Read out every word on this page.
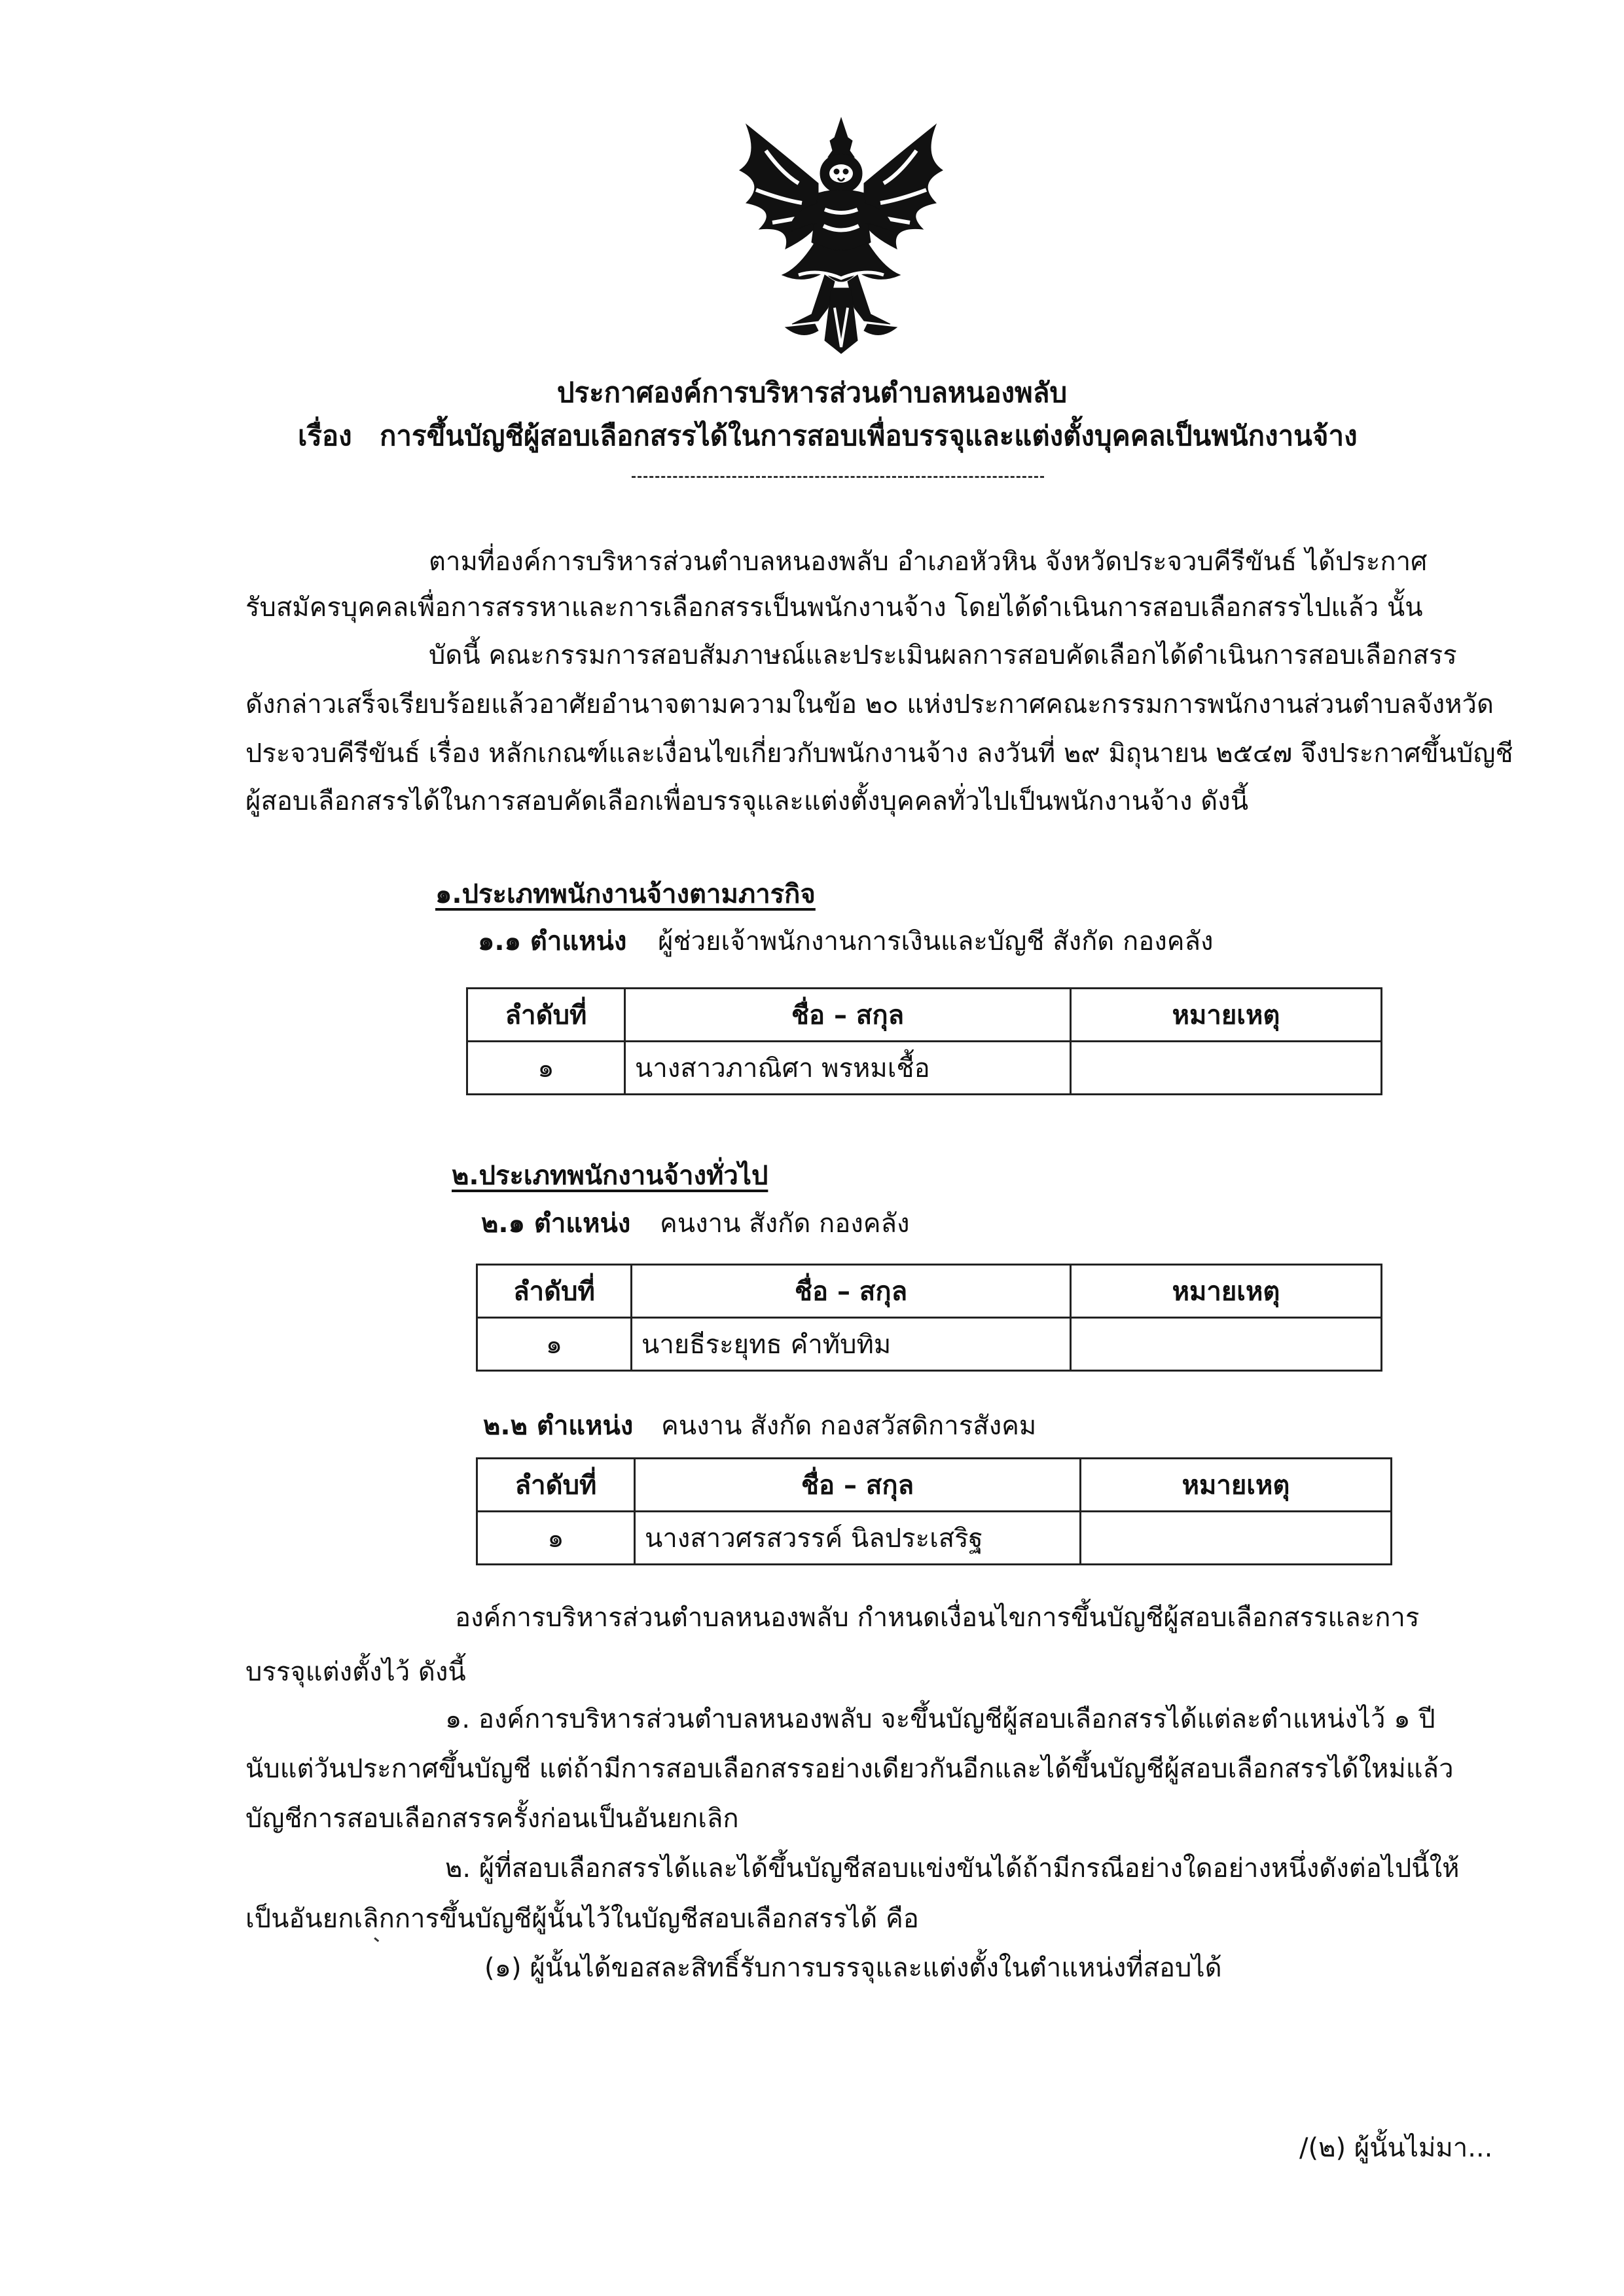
ประกาศองค์การบริหารส่วนตำบลหนองพลับ
เรื่อง การขึ้นบัญชีผู้สอบเลือกสรรได้ในการสอบเพื่อบรรจุและแต่งตั้งบุคคลเป็นพนักงานจ้าง
ตามที่องค์การบริหารส่วนตำบลหนองพลับ อำเภอหัวหิน จังหวัดประจวบคีรีขันธ์ ได้ประกาศ
รับสมัครบุคคลเพื่อการสรรหาและการเลือกสรรเป็นพนักงานจ้าง โดยได้ดำเนินการสอบเลือกสรรไปแล้ว นั้น
บัดนี้ คณะกรรมการสอบสัมภาษณ์และประเมินผลการสอบคัดเลือกได้ดำเนินการสอบเลือกสรร
ดังกล่าวเสร็จเรียบร้อยแล้วอาศัยอำนาจตามความในข้อ ๒๐ แห่งประกาศคณะกรรมการพนักงานส่วนตำบลจังหวัด
ประจวบคีรีขันธ์ เรื่อง หลักเกณฑ์และเงื่อนไขเกี่ยวกับพนักงานจ้าง ลงวันที่ ๒๙ มิถุนายน ๒๕๔๗ จึงประกาศขึ้นบัญชี
ผู้สอบเลือกสรรได้ในการสอบคัดเลือกเพื่อบรรจุและแต่งตั้งบุคคลทั่วไปเป็นพนักงานจ้าง ดังนี้
๑.ประเภทพนักงานจ้างตามภารกิจ
๑.๑ ตำแหน่ง ผู้ช่วยเจ้าพนักงานการเงินและบัญชี สังกัด กองคลัง
ลำดับที่	ชื่อ – สกุล	หมายเหตุ
๑	นางสาวภาณิศา พรหมเชื้อ	
๒.ประเภทพนักงานจ้างทั่วไป
๒.๑ ตำแหน่ง คนงาน สังกัด กองคลัง
ลำดับที่	ชื่อ – สกุล	หมายเหตุ
๑	นายธีระยุทธ คำทับทิม	
๒.๒ ตำแหน่ง คนงาน สังกัด กองสวัสดิการสังคม
ลำดับที่	ชื่อ – สกุล	หมายเหตุ
๑	นางสาวศรสวรรค์ นิลประเสริฐ	
องค์การบริหารส่วนตำบลหนองพลับ กำหนดเงื่อนไขการขึ้นบัญชีผู้สอบเลือกสรรและการ
บรรจุแต่งตั้งไว้ ดังนี้
๑. องค์การบริหารส่วนตำบลหนองพลับ จะขึ้นบัญชีผู้สอบเลือกสรรได้แต่ละตำแหน่งไว้ ๑ ปี
นับแต่วันประกาศขึ้นบัญชี แต่ถ้ามีการสอบเลือกสรรอย่างเดียวกันอีกและได้ขึ้นบัญชีผู้สอบเลือกสรรได้ใหม่แล้ว
บัญชีการสอบเลือกสรรครั้งก่อนเป็นอันยกเลิก
๒. ผู้ที่สอบเลือกสรรได้และได้ขึ้นบัญชีสอบแข่งขันได้ถ้ามีกรณีอย่างใดอย่างหนึ่งดังต่อไปนี้ให้
เป็นอันยกเลิกการขึ้นบัญชีผู้นั้นไว้ในบัญชีสอบเลือกสรรได้ คือ
(๑) ผู้นั้นได้ขอสละสิทธิ์รับการบรรจุและแต่งตั้งในตำแหน่งที่สอบได้
/(๒) ผู้นั้นไม่มา...
